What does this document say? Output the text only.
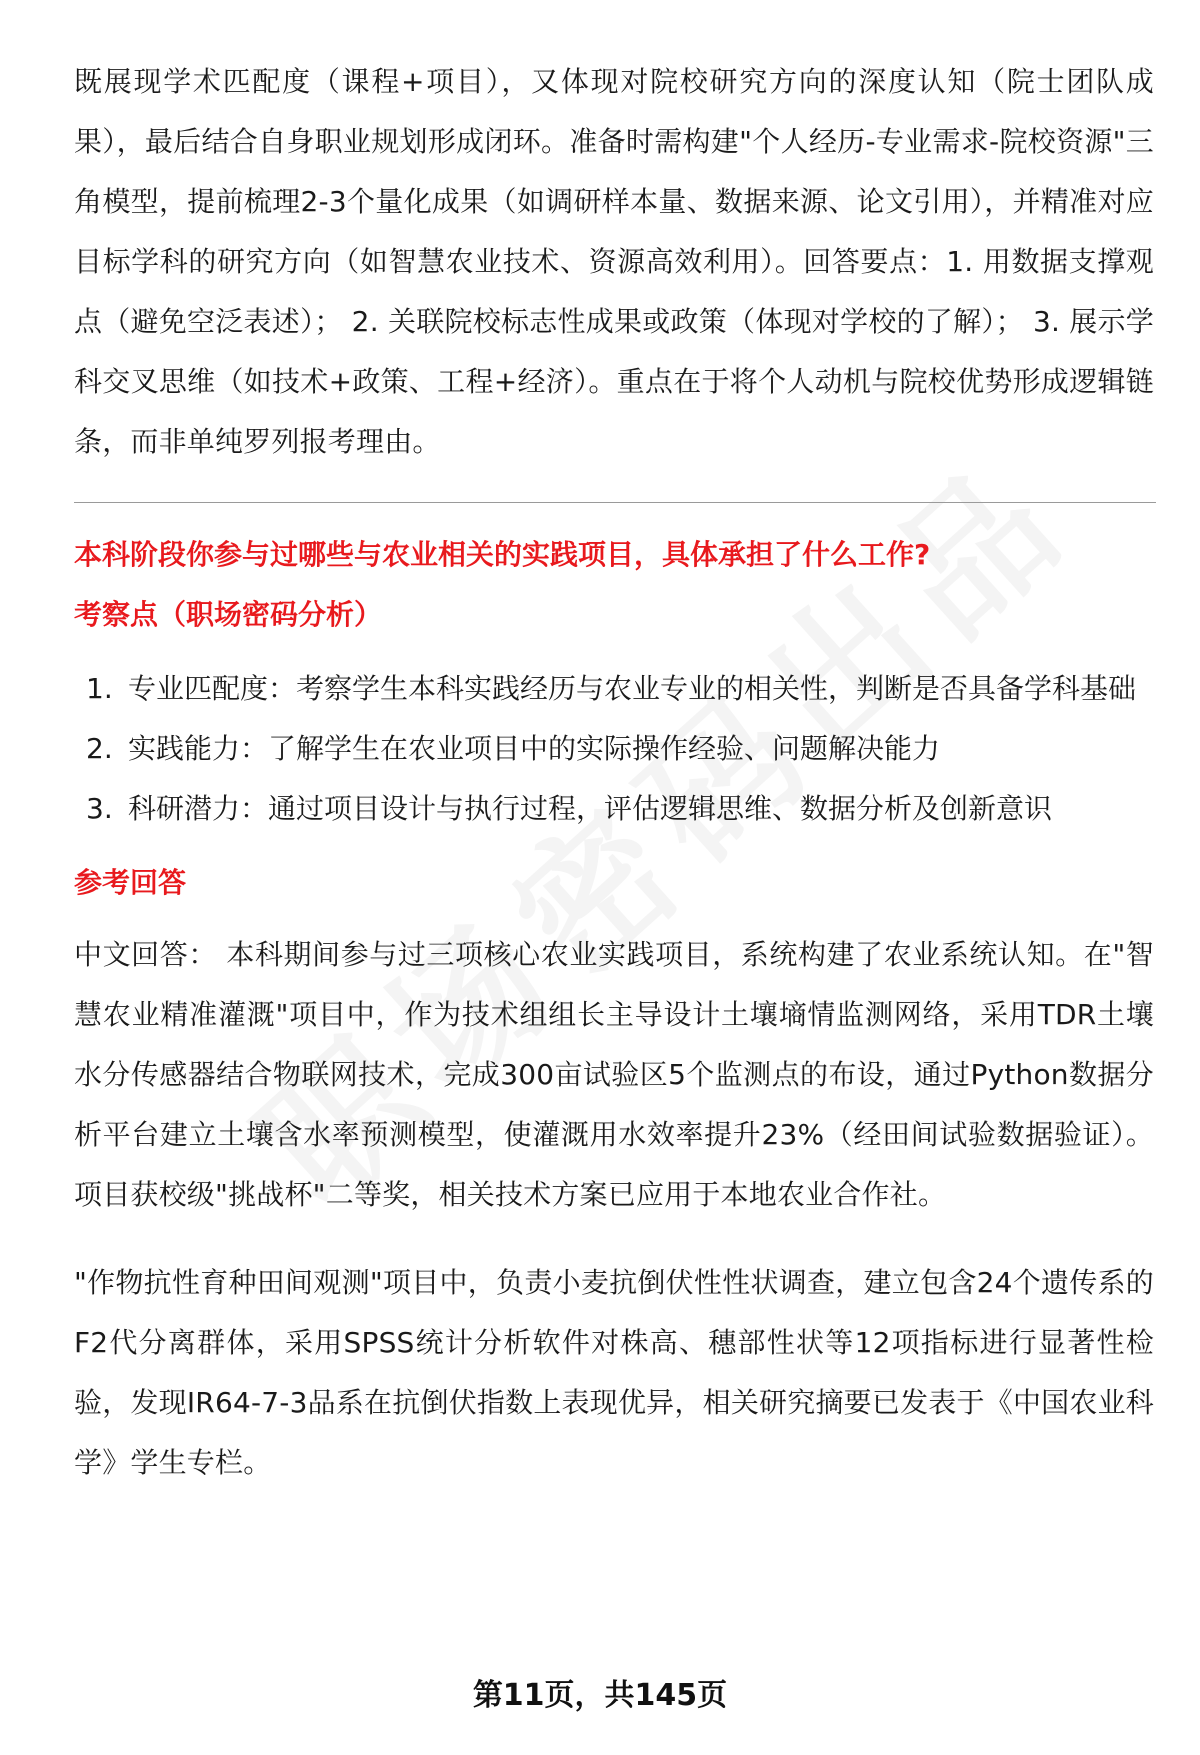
既展现学术匹配度（课程+项目），又体现对院校研究方向的深度认知（院士团队成果），最后结合自身职业规划形成闭环。准备时需构建"个人经历-专业需求-院校资源"三角模型，提前梳理2-3个量化成果（如调研样本量、数据来源、论文引用），并精准对应目标学科的研究方向（如智慧农业技术、资源高效利用）。回答要点：1. 用数据支撑观点（避免空泛表述）； 2. 关联院校标志性成果或政策（体现对学校的了解）； 3. 展示学科交叉思维（如技术+政策、工程+经济）。重点在于将个人动机与院校优势形成逻辑链条，而非单纯罗列报考理由。

本科阶段你参与过哪些与农业相关的实践项目，具体承担了什么工作?

考察点（职场密码分析）

1. 专业匹配度：考察学生本科实践经历与农业专业的相关性，判断是否具备学科基础
2. 实践能力：了解学生在农业项目中的实际操作经验、问题解决能力
3. 科研潜力：通过项目设计与执行过程，评估逻辑思维、数据分析及创新意识

参考回答

中文回答： 本科期间参与过三项核心农业实践项目，系统构建了农业系统认知。在"智慧农业精准灌溉"项目中，作为技术组组长主导设计土壤墒情监测网络，采用TDR土壤水分传感器结合物联网技术，完成300亩试验区5个监测点的布设，通过Python数据分析平台建立土壤含水率预测模型，使灌溉用水效率提升23%（经田间试验数据验证）。项目获校级"挑战杯"二等奖，相关技术方案已应用于本地农业合作社。

"作物抗性育种田间观测"项目中，负责小麦抗倒伏性性状调查，建立包含24个遗传系的F2代分离群体，采用SPSS统计分析软件对株高、穗部性状等12项指标进行显著性检验，发现IR64-7-3品系在抗倒伏指数上表现优异，相关研究摘要已发表于《中国农业科学》学生专栏。

第11页，共145页
